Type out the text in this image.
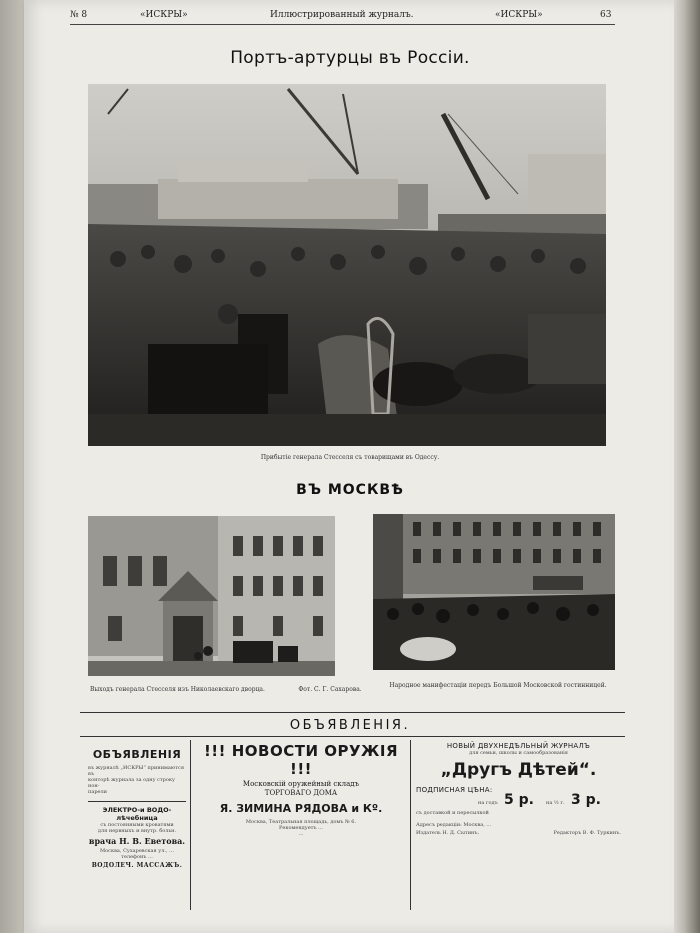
№ 8	«ИСКРЫ»	Иллюстрированный журналъ.	«ИСКРЫ»	63
Портъ-артурцы въ Россіи.
Прибытіе генерала Стесселя съ товарищами въ Одессу.
ВЪ МОСКВѢ
Выходъ генерала Стесселя изъ Николаевскаго дворца.	Фот. С. Г. Сахарова.
Народное манифестаціи передъ Большой Московской гостинницей.
ОБЪЯВЛЕНІЯ.
ОБЪЯВЛЕНІЯ
въ журналѣ „ИСКРЫ“ принимаются въ
конторѣ журнала за одну строку нон-
парели
ЭЛЕКТРО-и ВОДО-лѣчебница
съ постоянными кроватями
для нервныхъ и внутр. больн.
врача Н. В. Еветова.
Москва, Сухаревская ул., ...
телефонъ ...
ВОДОЛЕЧ. МАССАЖЪ.
!!! НОВОСТИ ОРУЖІЯ !!!
Московскій оружейный складъ
ТОРГОВАГО ДОМА
Я. ЗИМИНА РЯДОВА и Кº.
Москва, Театральная площадь, домъ № 6.
Рекомендуетъ ...
...
НОВЫЙ ДВУХНЕДѢЛЬНЫЙ ЖУРНАЛЪ
для семьи, школы и самообразованія
„Другъ Дѣтей“.
ПОДПИСНАЯ ЦѢНА:
на годъ 5 р. на ½ г. 3 р.
съ доставкой и пересылкой
Адресъ редакціи: Москва, ...
Издатель Н. Д. Сытинъ.	Редакторъ В. Ф. Туркинъ.
